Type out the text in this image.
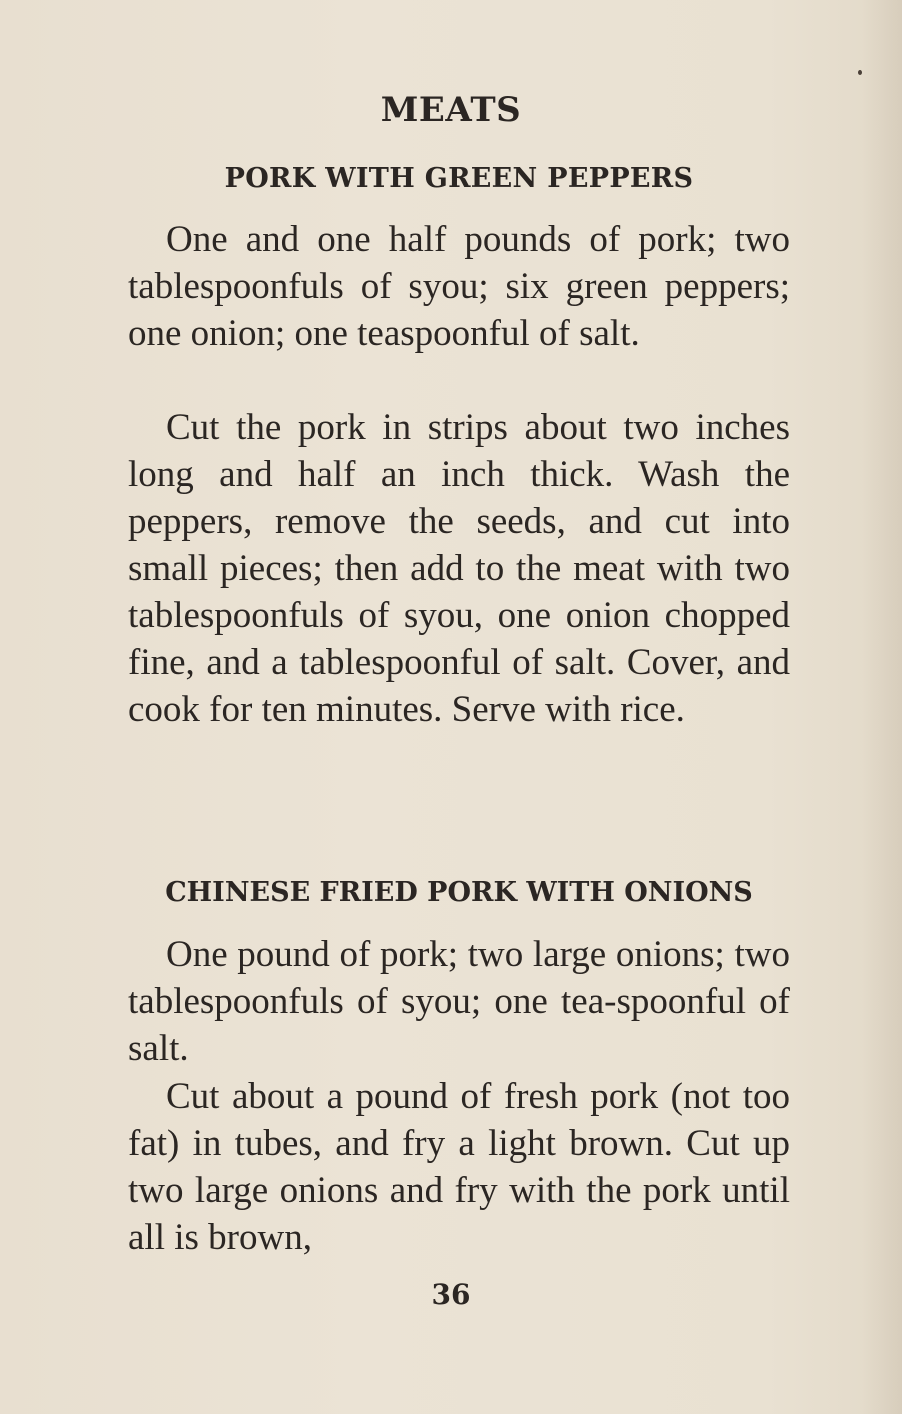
MEATS
PORK WITH GREEN PEPPERS

One and one half pounds of pork; two tablespoonfuls of syou; six green peppers; one onion; one teaspoonful of salt.

Cut the pork in strips about two inches long and half an inch thick. Wash the peppers, remove the seeds, and cut into small pieces; then add to the meat with two tablespoonfuls of syou, one onion chopped fine, and a tablespoonful of salt. Cover, and cook for ten minutes. Serve with rice.

CHINESE FRIED PORK WITH ONIONS

One pound of pork; two large onions; two tablespoonfuls of syou; one tea-spoonful of salt.

Cut about a pound of fresh pork (not too fat) in tubes, and fry a light brown. Cut up two large onions and fry with the pork until all is brown,

36
